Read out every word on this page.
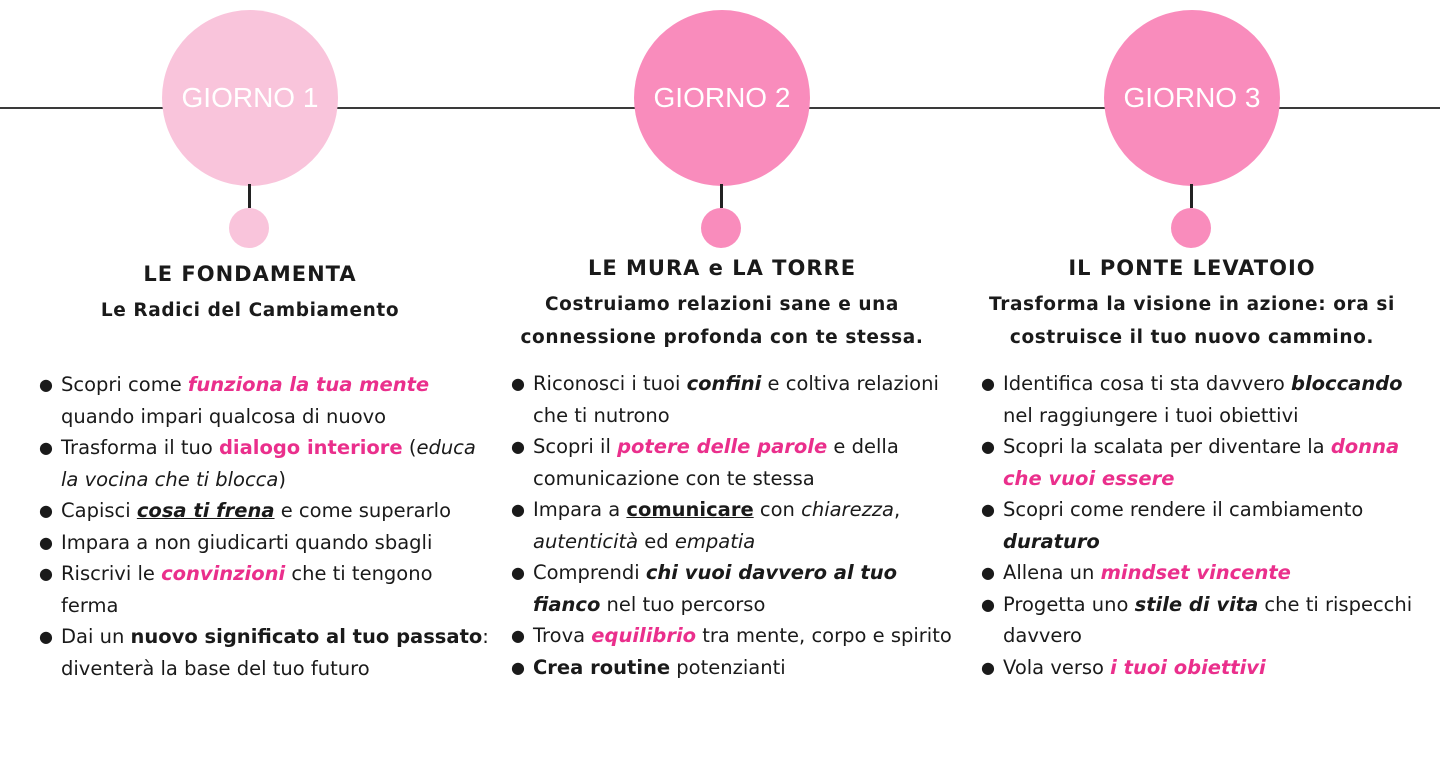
GIORNO 1
LE FONDAMENTA
Le Radici del Cambiamento
● Scopri come funziona la tua mente quando impari qualcosa di nuovo
● Trasforma il tuo dialogo interiore (educa la vocina che ti blocca)
● Capisci cosa ti frena e come superarlo
● Impara a non giudicarti quando sbagli
● Riscrivi le convinzioni che ti tengono ferma
● Dai un nuovo significato al tuo passato: diventerà la base del tuo futuro
GIORNO 2
LE MURA e LA TORRE
Costruiamo relazioni sane e una connessione profonda con te stessa.
● Riconosci i tuoi confini e coltiva relazioni che ti nutrono
● Scopri il potere delle parole e della comunicazione con te stessa
● Impara a comunicare con chiarezza, autenticità ed empatia
● Comprendi chi vuoi davvero al tuo fianco nel tuo percorso
● Trova equilibrio tra mente, corpo e spirito
● Crea routine potenzianti
GIORNO 3
IL PONTE LEVATOIO
Trasforma la visione in azione: ora si costruisce il tuo nuovo cammino.
● Identifica cosa ti sta davvero bloccando nel raggiungere i tuoi obiettivi
● Scopri la scalata per diventare la donna che vuoi essere
● Scopri come rendere il cambiamento duraturo
● Allena un mindset vincente
● Progetta uno stile di vita che ti rispecchi davvero
● Vola verso i tuoi obiettivi
